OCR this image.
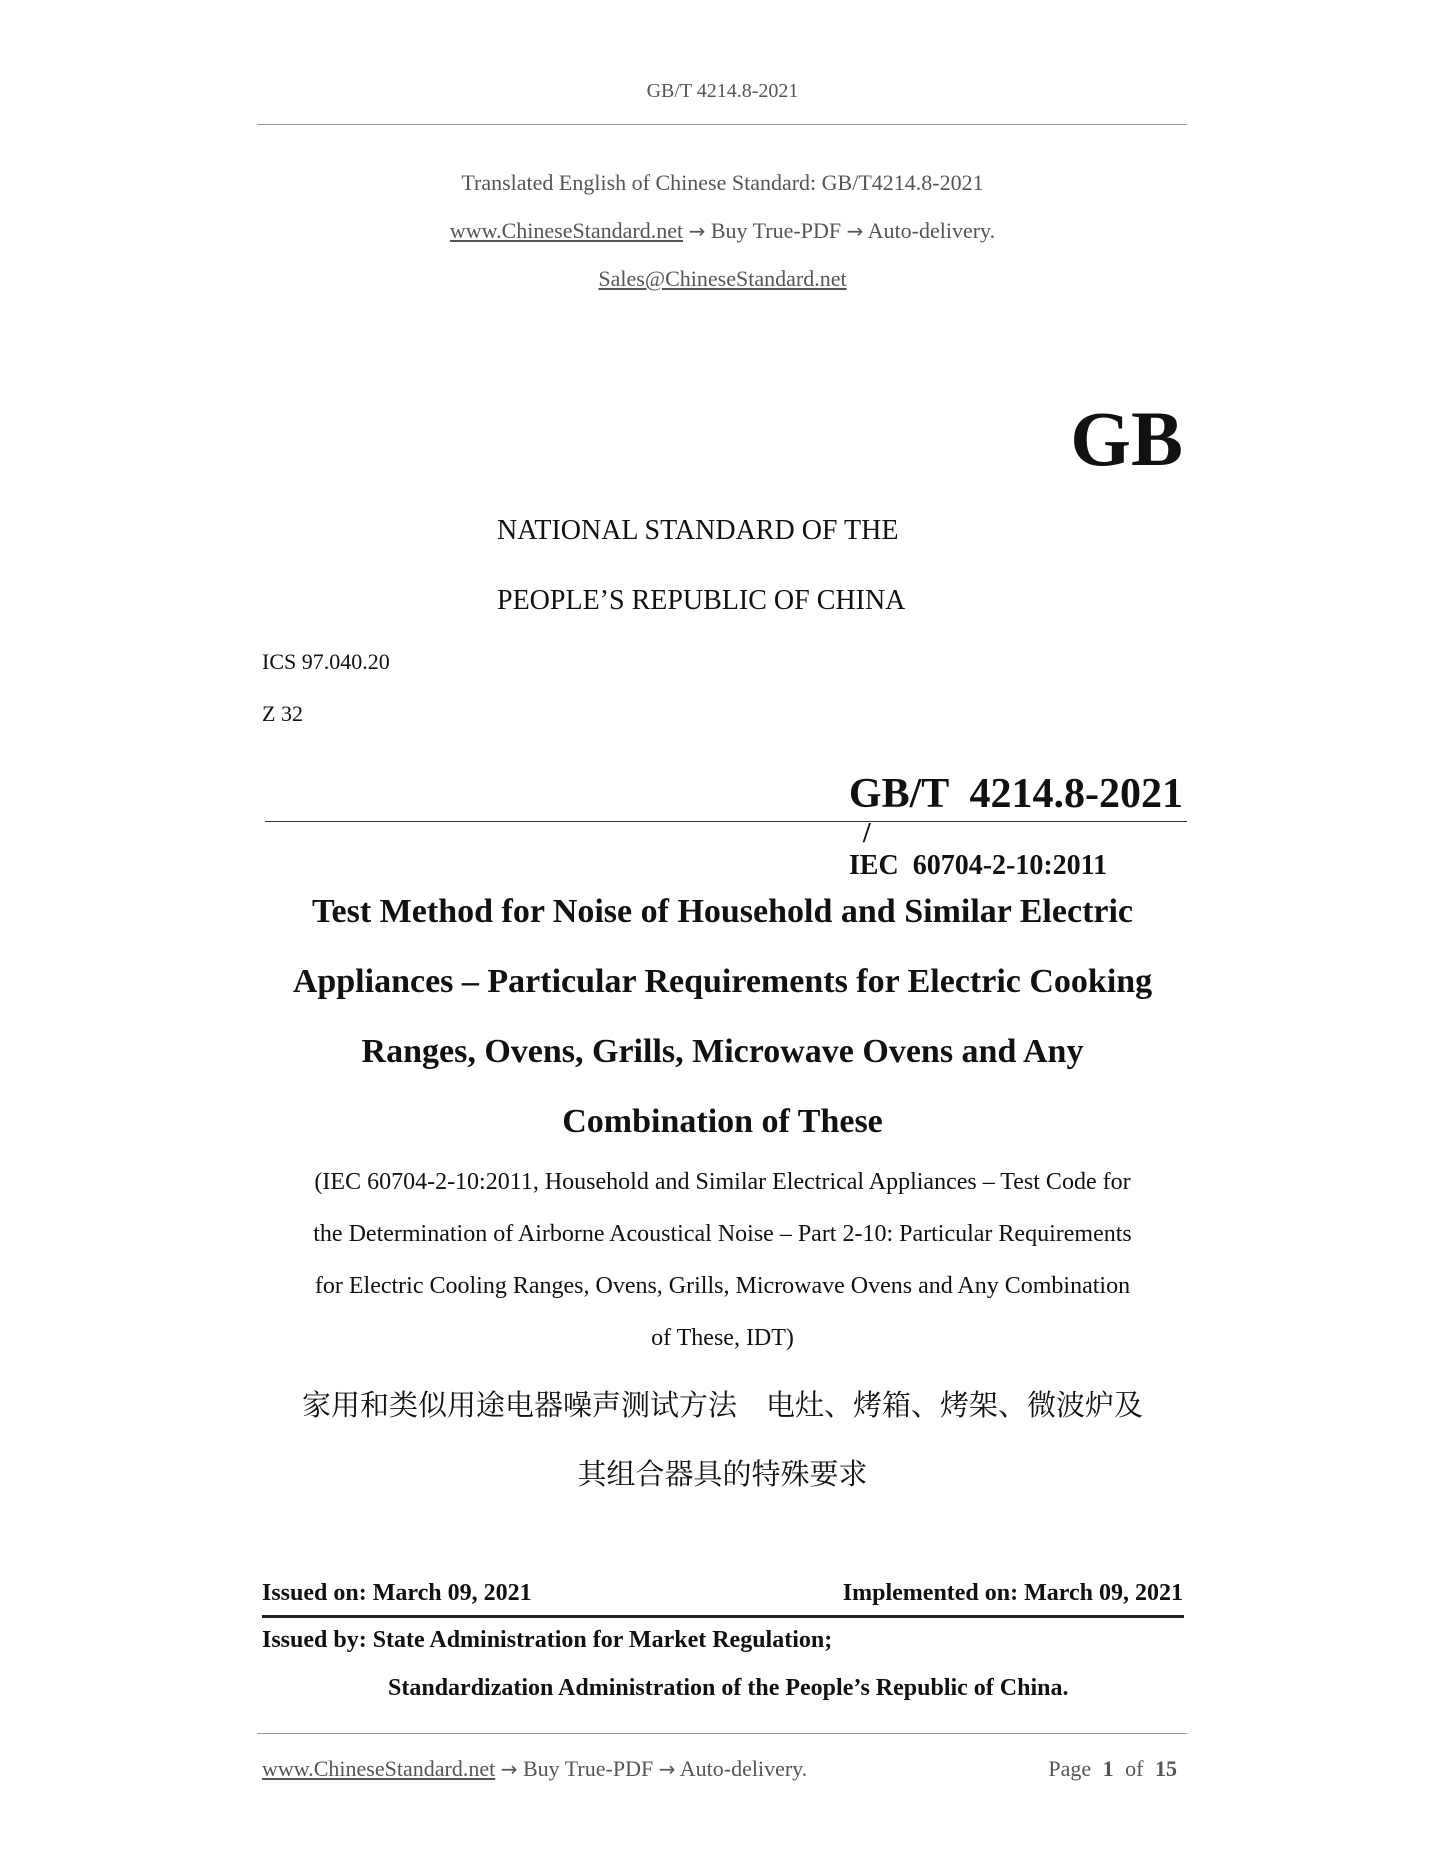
GB/T 4214.8-2021
Translated English of Chinese Standard: GB/T4214.8-2021
www.ChineseStandard.net → Buy True-PDF → Auto-delivery.
Sales@ChineseStandard.net
GB
NATIONAL STANDARD OF THE
PEOPLE’S REPUBLIC OF CHINA
ICS 97.040.20
Z 32

GB/T  4214.8-2021
/
IEC  60704-2-10:2011

Test Method for Noise of Household and Similar Electric
Appliances – Particular Requirements for Electric Cooking
Ranges, Ovens, Grills, Microwave Ovens and Any
Combination of These
(IEC 60704-2-10:2011, Household and Similar Electrical Appliances – Test Code for
the Determination of Airborne Acoustical Noise – Part 2-10: Particular Requirements
for Electric Cooling Ranges, Ovens, Grills, Microwave Ovens and Any Combination
of These, IDT)
家用和类似用途电器噪声测试方法　电灶、烤箱、烤架、微波炉及
其组合器具的特殊要求
Issued on: March 09, 2021	Implemented on: March 09, 2021
Issued by: State Administration for Market Regulation;
Standardization Administration of the People’s Republic of China.
www.ChineseStandard.net → Buy True-PDF → Auto-delivery.	Page 1 of 15
